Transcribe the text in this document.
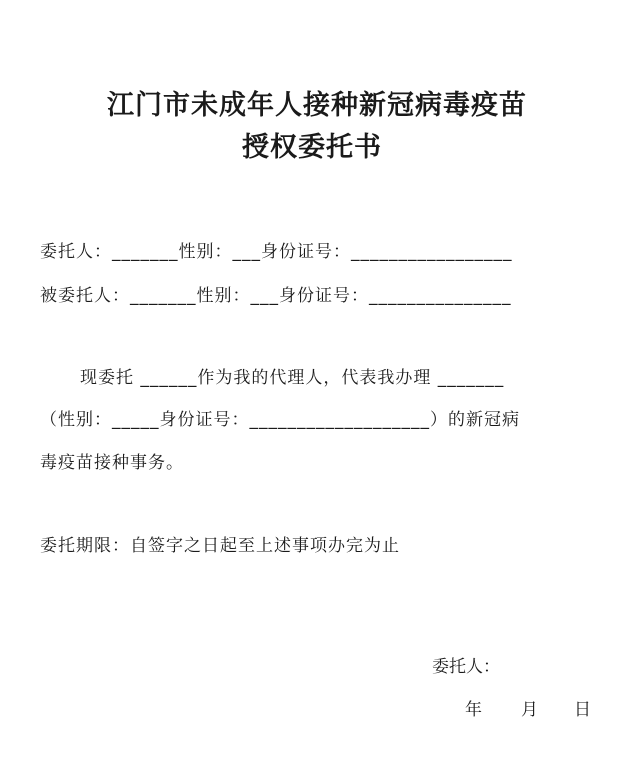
江门市未成年人接种新冠病毒疫苗
授权委托书
委托人：_______性别：___身份证号：_________________
被委托人：_______性别：___身份证号：_______________
现委托 ______作为我的代理人，代表我办理 _______
（性别：_____身份证号：___________________）的新冠病
毒疫苗接种事务。
委托期限：自签字之日起至上述事项办完为止
委托人：
年 月 日
